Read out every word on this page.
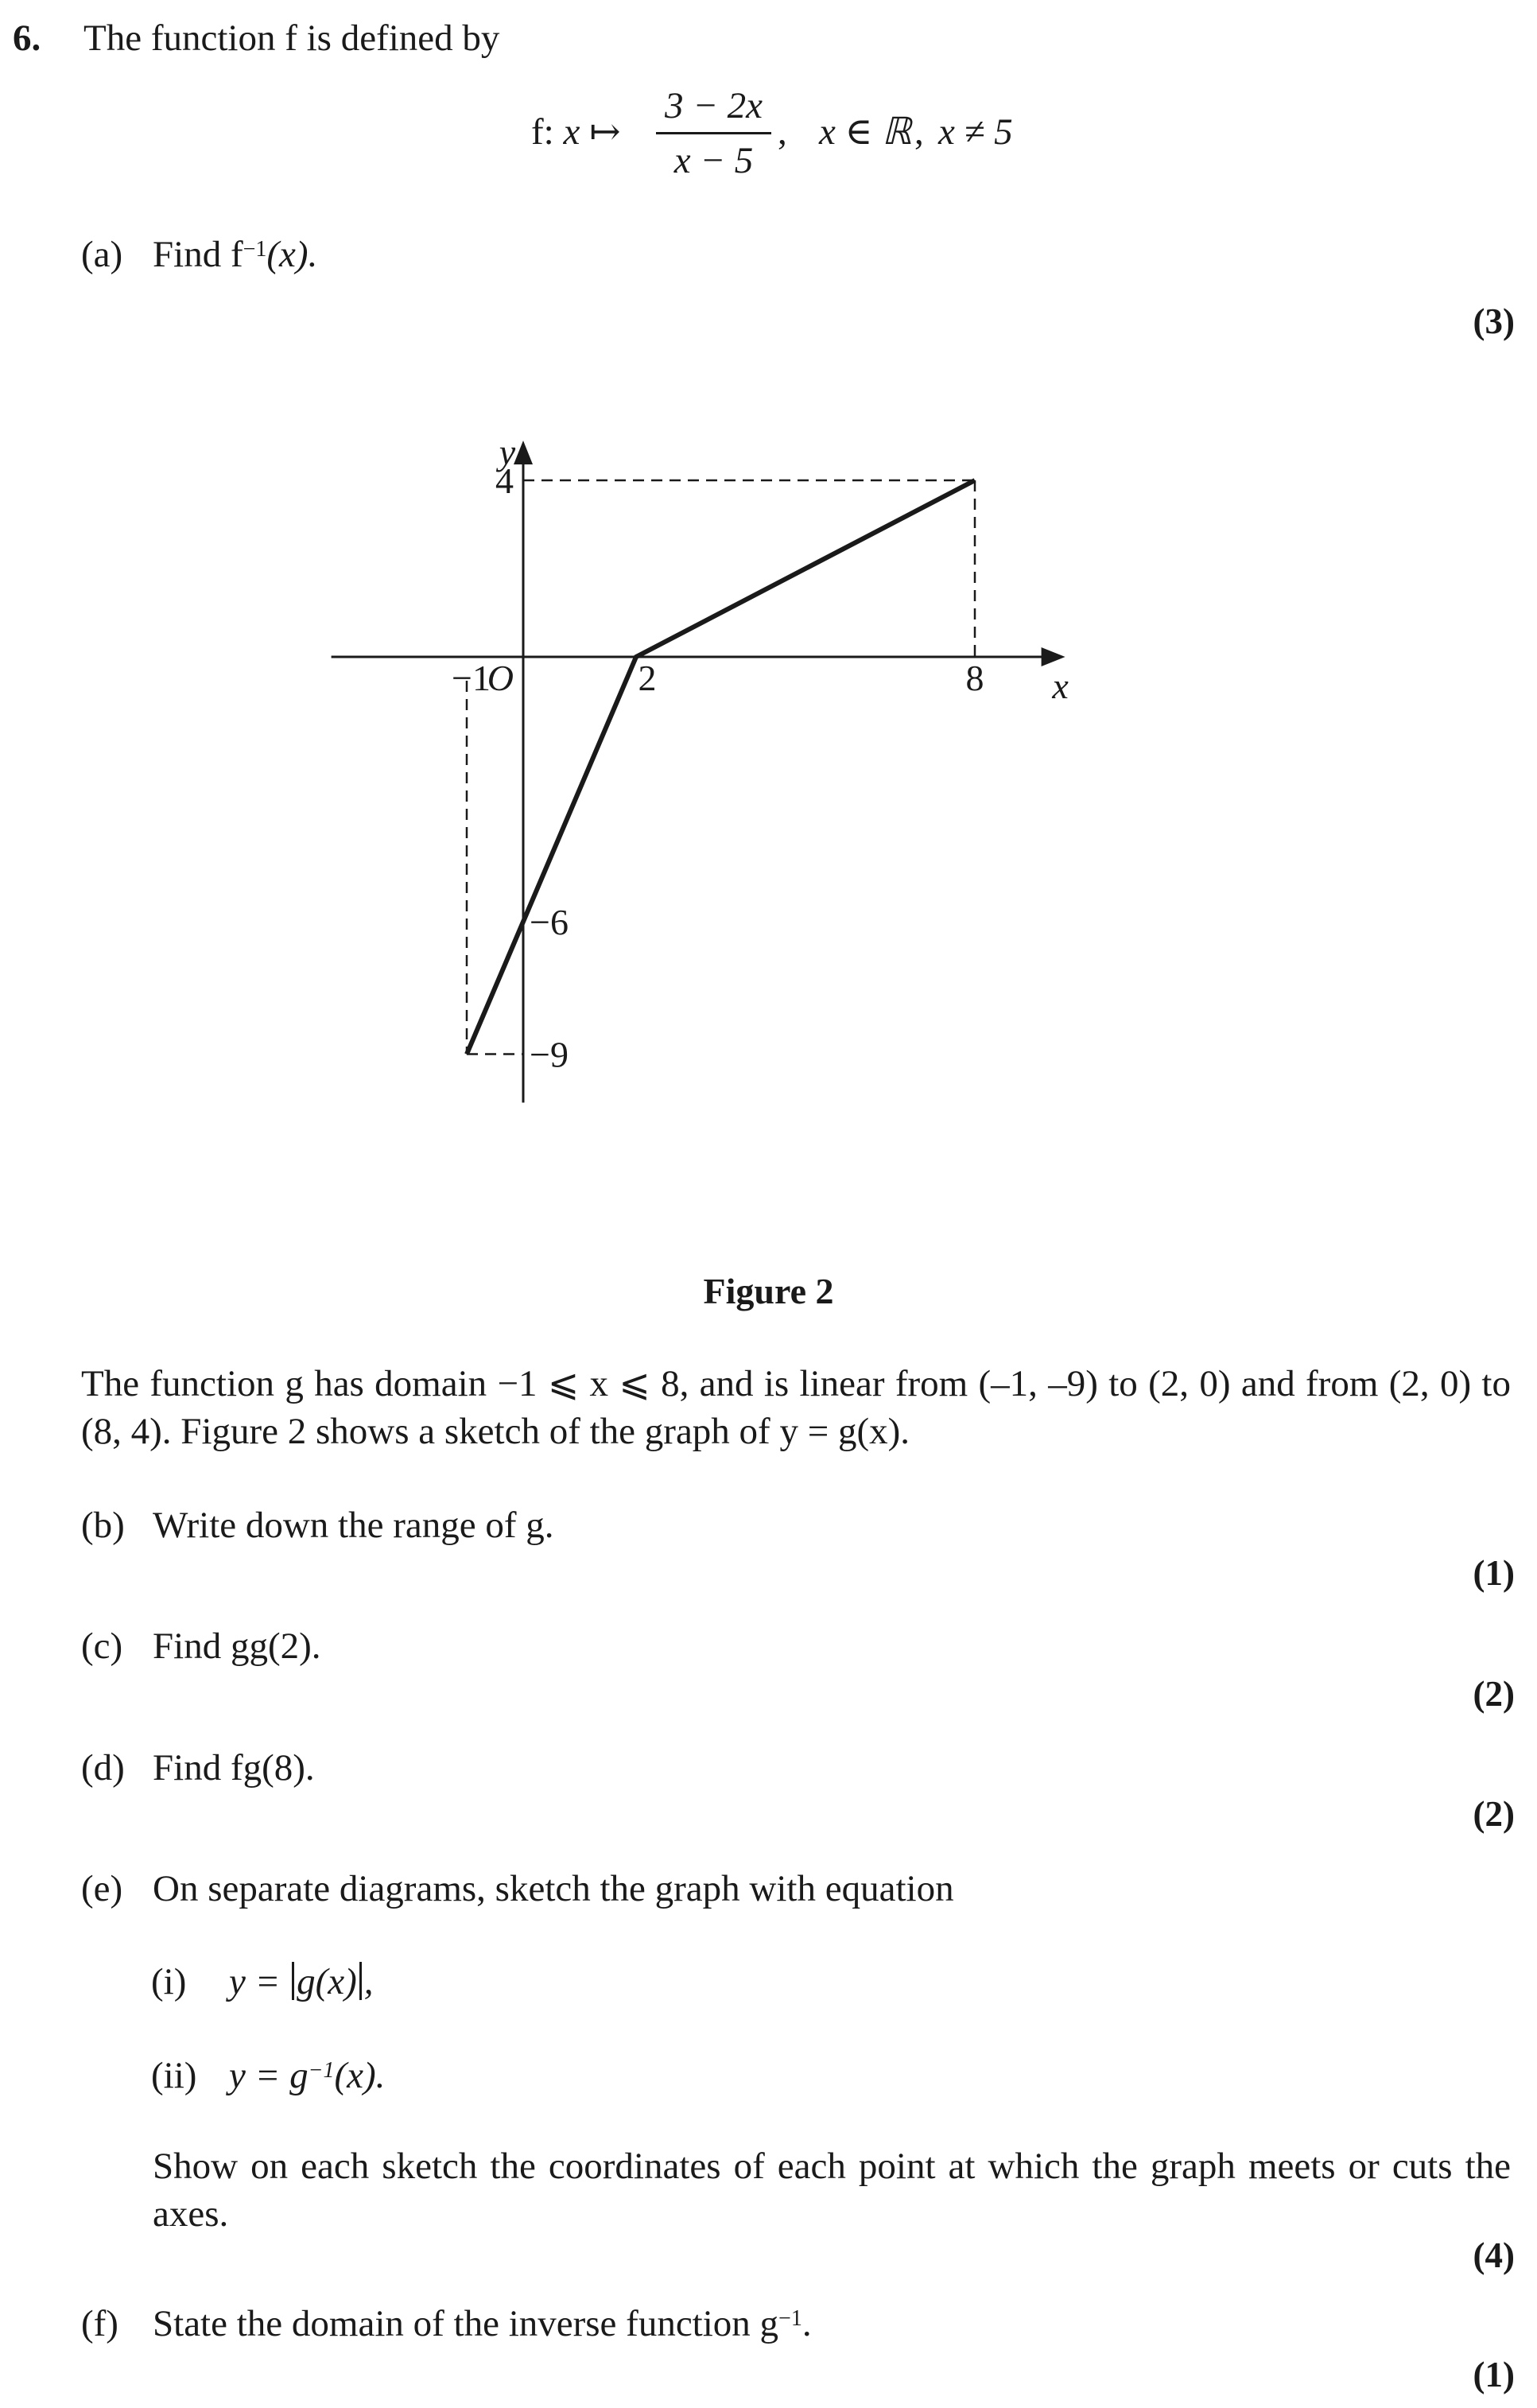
6. The function f is defined by
f: x ↦
3 − 2x
x − 5
, x ∈ ℝ , x ≠ 5
(a) Find $f^{-1}(x)$.
(3)
y
x
O
−1	2	8
4
−6
−9
Figure 2
The function g has domain −1 ⩽ x ⩽ 8, and is linear from (–1, –9) to (2, 0) and from (2, 0) to (8, 4). Figure 2 shows a sketch of the graph of y = g(x).
(b) Write down the range of g.
(1)
(c) Find gg(2).
(2)
(d) Find fg(8).
(2)
(e) On separate diagrams, sketch the graph with equation
(i) y = g(x) ,
(ii) $y = g^{-1}(x)$.
Show on each sketch the coordinates of each point at which the graph meets or cuts the axes.
(4)
(f) State the domain of the inverse function $g^{-1}$.
(1)
